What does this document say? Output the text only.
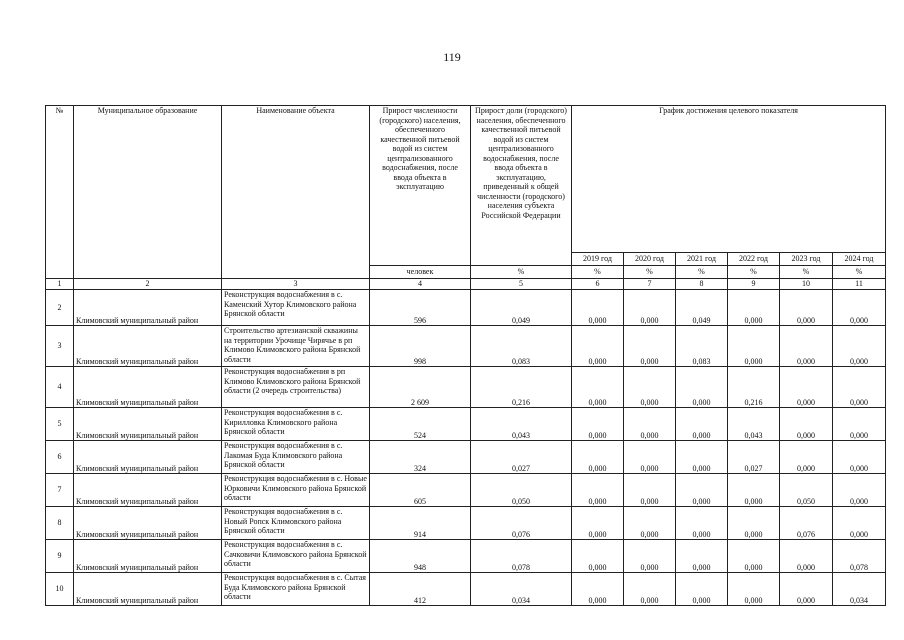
119
№	Муниципальное образование	Наименование объекта	Прирост численности (городского) населения, обеспеченного качественной питьевой водой из систем централизованного водоснабжения, после ввода объекта в эксплуатацию	Прирост доли (городского) населения, обеспеченного качественной питьевой водой из систем централизованного водоснабжения, после ввода объекта в эксплуатацию, приведенный к общей численности (городского) населения субъекта Российской Федерации	График достижения целевого показателя					
					2019 год	2020 год	2021 год	2022 год	2023 год	2024 год
			человек	%	%	%	%	%	%	%
1	2	3	4	5	6	7	8	9	10	11
2	Климовский муниципальный район	Реконструкция водоснабжения в с. Каменский Хутор Климовского района Брянской области	596	0,049	0,000	0,000	0,049	0,000	0,000	0,000
3	Климовский муниципальный район	Строительство артезианской скважины на территории Урочище Чирячье в рп Климово Климовского района Брянской области	998	0,083	0,000	0,000	0,083	0,000	0,000	0,000
4	Климовский муниципальный район	Реконструкция водоснабжения в рп Климово Климовского района Брянской области (2 очередь строительства)	2 609	0,216	0,000	0,000	0,000	0,216	0,000	0,000
5	Климовский муниципальный район	Реконструкция водоснабжения в с. Кирилловка Климовского района Брянской области	524	0,043	0,000	0,000	0,000	0,043	0,000	0,000
6	Климовский муниципальный район	Реконструкция водоснабжения в с. Лакомая Буда Климовского района Брянской области	324	0,027	0,000	0,000	0,000	0,027	0,000	0,000
7	Климовский муниципальный район	Реконструкция водоснабжения в с. Новые Юрковичи Климовского района Брянской области	605	0,050	0,000	0,000	0,000	0,000	0,050	0,000
8	Климовский муниципальный район	Реконструкция водоснабжения в с. Новый Ропск Климовского района Брянской области	914	0,076	0,000	0,000	0,000	0,000	0,076	0,000
9	Климовский муниципальный район	Реконструкция водоснабжения в с. Сачковичи Климовского района Брянской области	948	0,078	0,000	0,000	0,000	0,000	0,000	0,078
10	Климовский муниципальный район	Реконструкция водоснабжения в с. Сытая Буда Климовского района Брянской области	412	0,034	0,000	0,000	0,000	0,000	0,000	0,034
